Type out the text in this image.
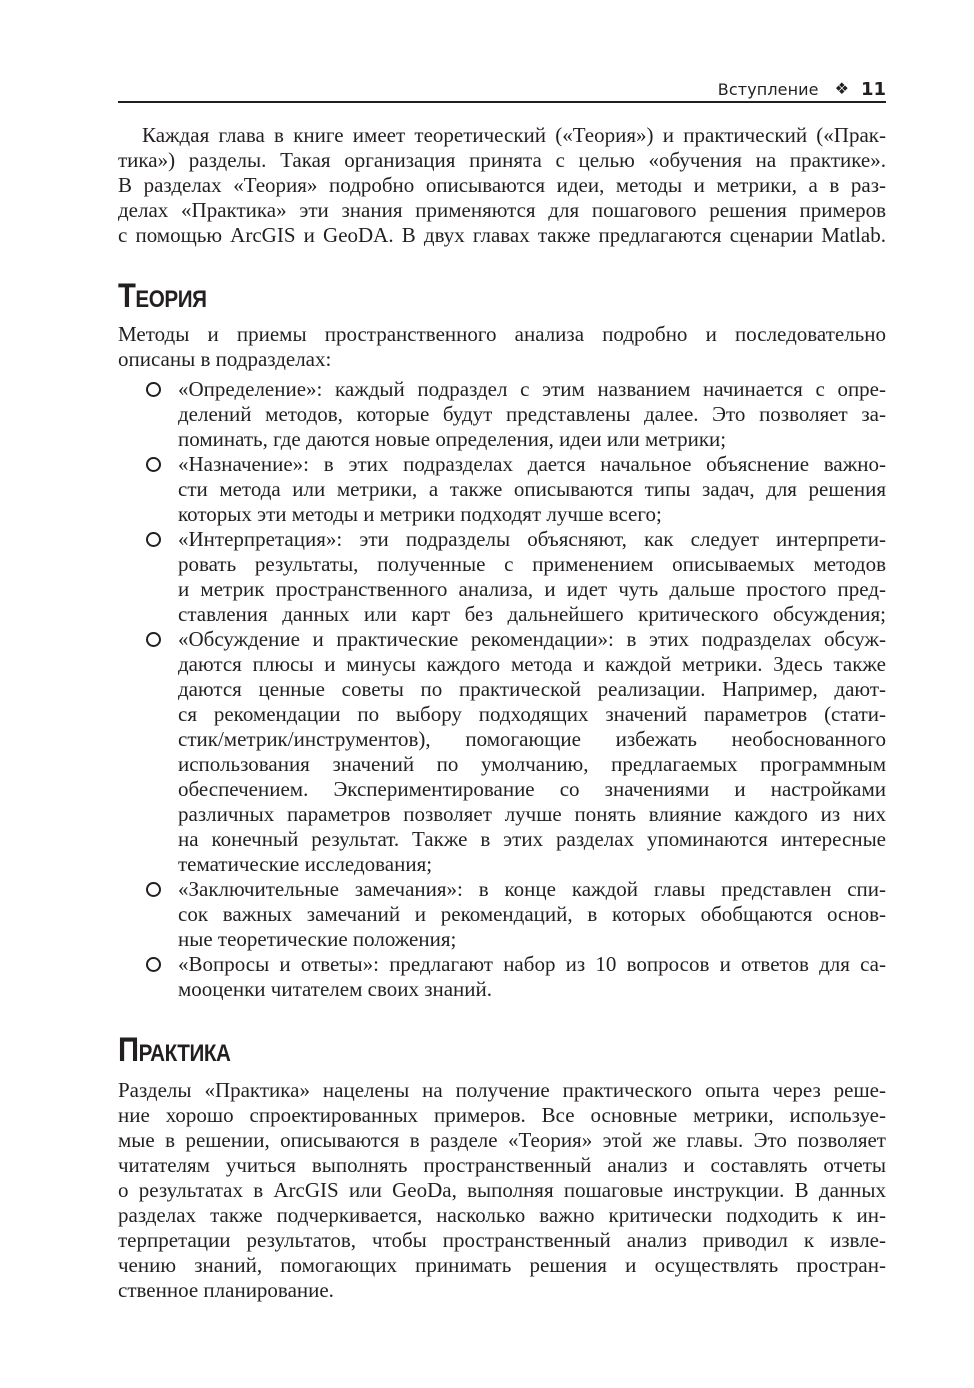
Вступление ❖ 11
Каждая глава в книге имеет теоретический («Теория») и практический («Прак-
тика») разделы. Такая организация принята с целью «обучения на практике».
В разделах «Теория» подробно описываются идеи, методы и метрики, а в раз-
делах «Практика» эти знания применяются для пошагового решения примеров
с помощью ArcGIS и GeoDA. В двух главах также предлагаются сценарии Matlab.
Теория
Методы и приемы пространственного анализа подробно и последовательно
описаны в подразделах:
«Определение»: каждый подраздел с этим названием начинается с опре-
делений методов, которые будут представлены далее. Это позволяет за-
поминать, где даются новые определения, идеи или метрики;
«Назначение»: в этих подразделах дается начальное объяснение важно-
сти метода или метрики, а также описываются типы задач, для решения
которых эти методы и метрики подходят лучше всего;
«Интерпретация»: эти подразделы объясняют, как следует интерпрети-
ровать результаты, полученные с применением описываемых методов
и метрик пространственного анализа, и идет чуть дальше простого пред-
ставления данных или карт без дальнейшего критического обсуждения;
«Обсуждение и практические рекомендации»: в этих подразделах обсуж-
даются плюсы и минусы каждого метода и каждой метрики. Здесь также
даются ценные советы по практической реализации. Например, дают-
ся рекомендации по выбору подходящих значений параметров (стати-
стик/метрик/инструментов), помогающие избежать необоснованного
использования значений по умолчанию, предлагаемых программным
обеспечением. Экспериментирование со значениями и настройками
различных параметров позволяет лучше понять влияние каждого из них
на конечный результат. Также в этих разделах упоминаются интересные
тематические исследования;
«Заключительные замечания»: в конце каждой главы представлен спи-
сок важных замечаний и рекомендаций, в которых обобщаются основ-
ные теоретические положения;
«Вопросы и ответы»: предлагают набор из 10 вопросов и ответов для са-
мооценки читателем своих знаний.
Практика
Разделы «Практика» нацелены на получение практического опыта через реше-
ние хорошо спроектированных примеров. Все основные метрики, используе-
мые в решении, описываются в разделе «Теория» этой же главы. Это позволяет
читателям учиться выполнять пространственный анализ и составлять отчеты
о результатах в ArcGIS или GeoDa, выполняя пошаговые инструкции. В данных
разделах также подчеркивается, насколько важно критически подходить к ин-
терпретации результатов, чтобы пространственный анализ приводил к извле-
чению знаний, помогающих принимать решения и осуществлять простран-
ственное планирование.
